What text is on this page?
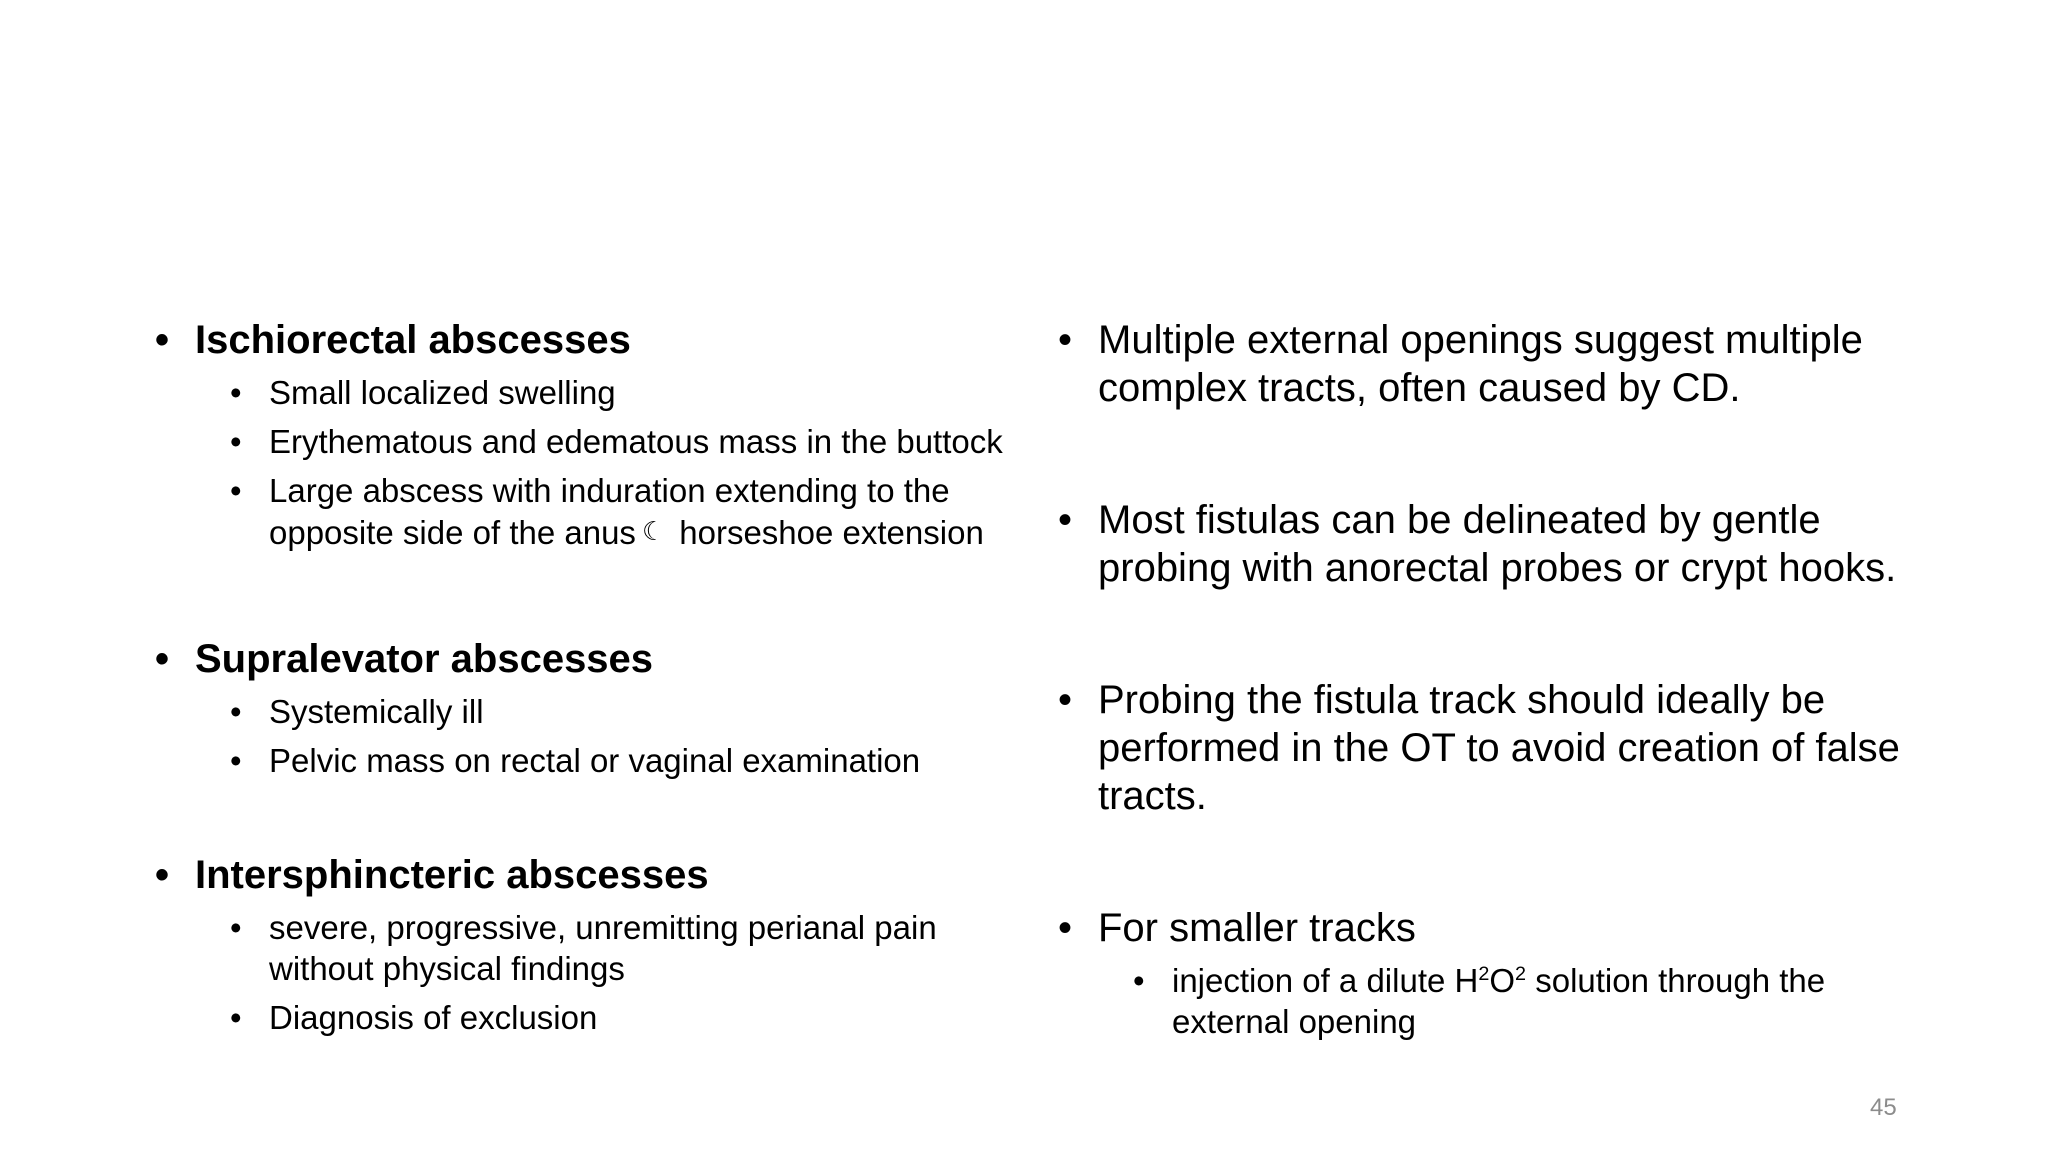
• Ischiorectal abscesses
• Small localized swelling
• Erythematous and edematous mass in the buttock
• Large abscess with induration extending to the opposite side of the anus ☾ horseshoe extension
• Supralevator abscesses
• Systemically ill
• Pelvic mass on rectal or vaginal examination
• Intersphincteric abscesses
• severe, progressive, unremitting perianal pain without physical findings
• Diagnosis of exclusion
• Multiple external openings suggest multiple complex tracts, often caused by CD.
• Most fistulas can be delineated by gentle probing with anorectal probes or crypt hooks.
• Probing the fistula track should ideally be performed in the OT to avoid creation of false tracts.
• For smaller tracks
• injection of a dilute $H^2O^2$ solution through the external opening
45
